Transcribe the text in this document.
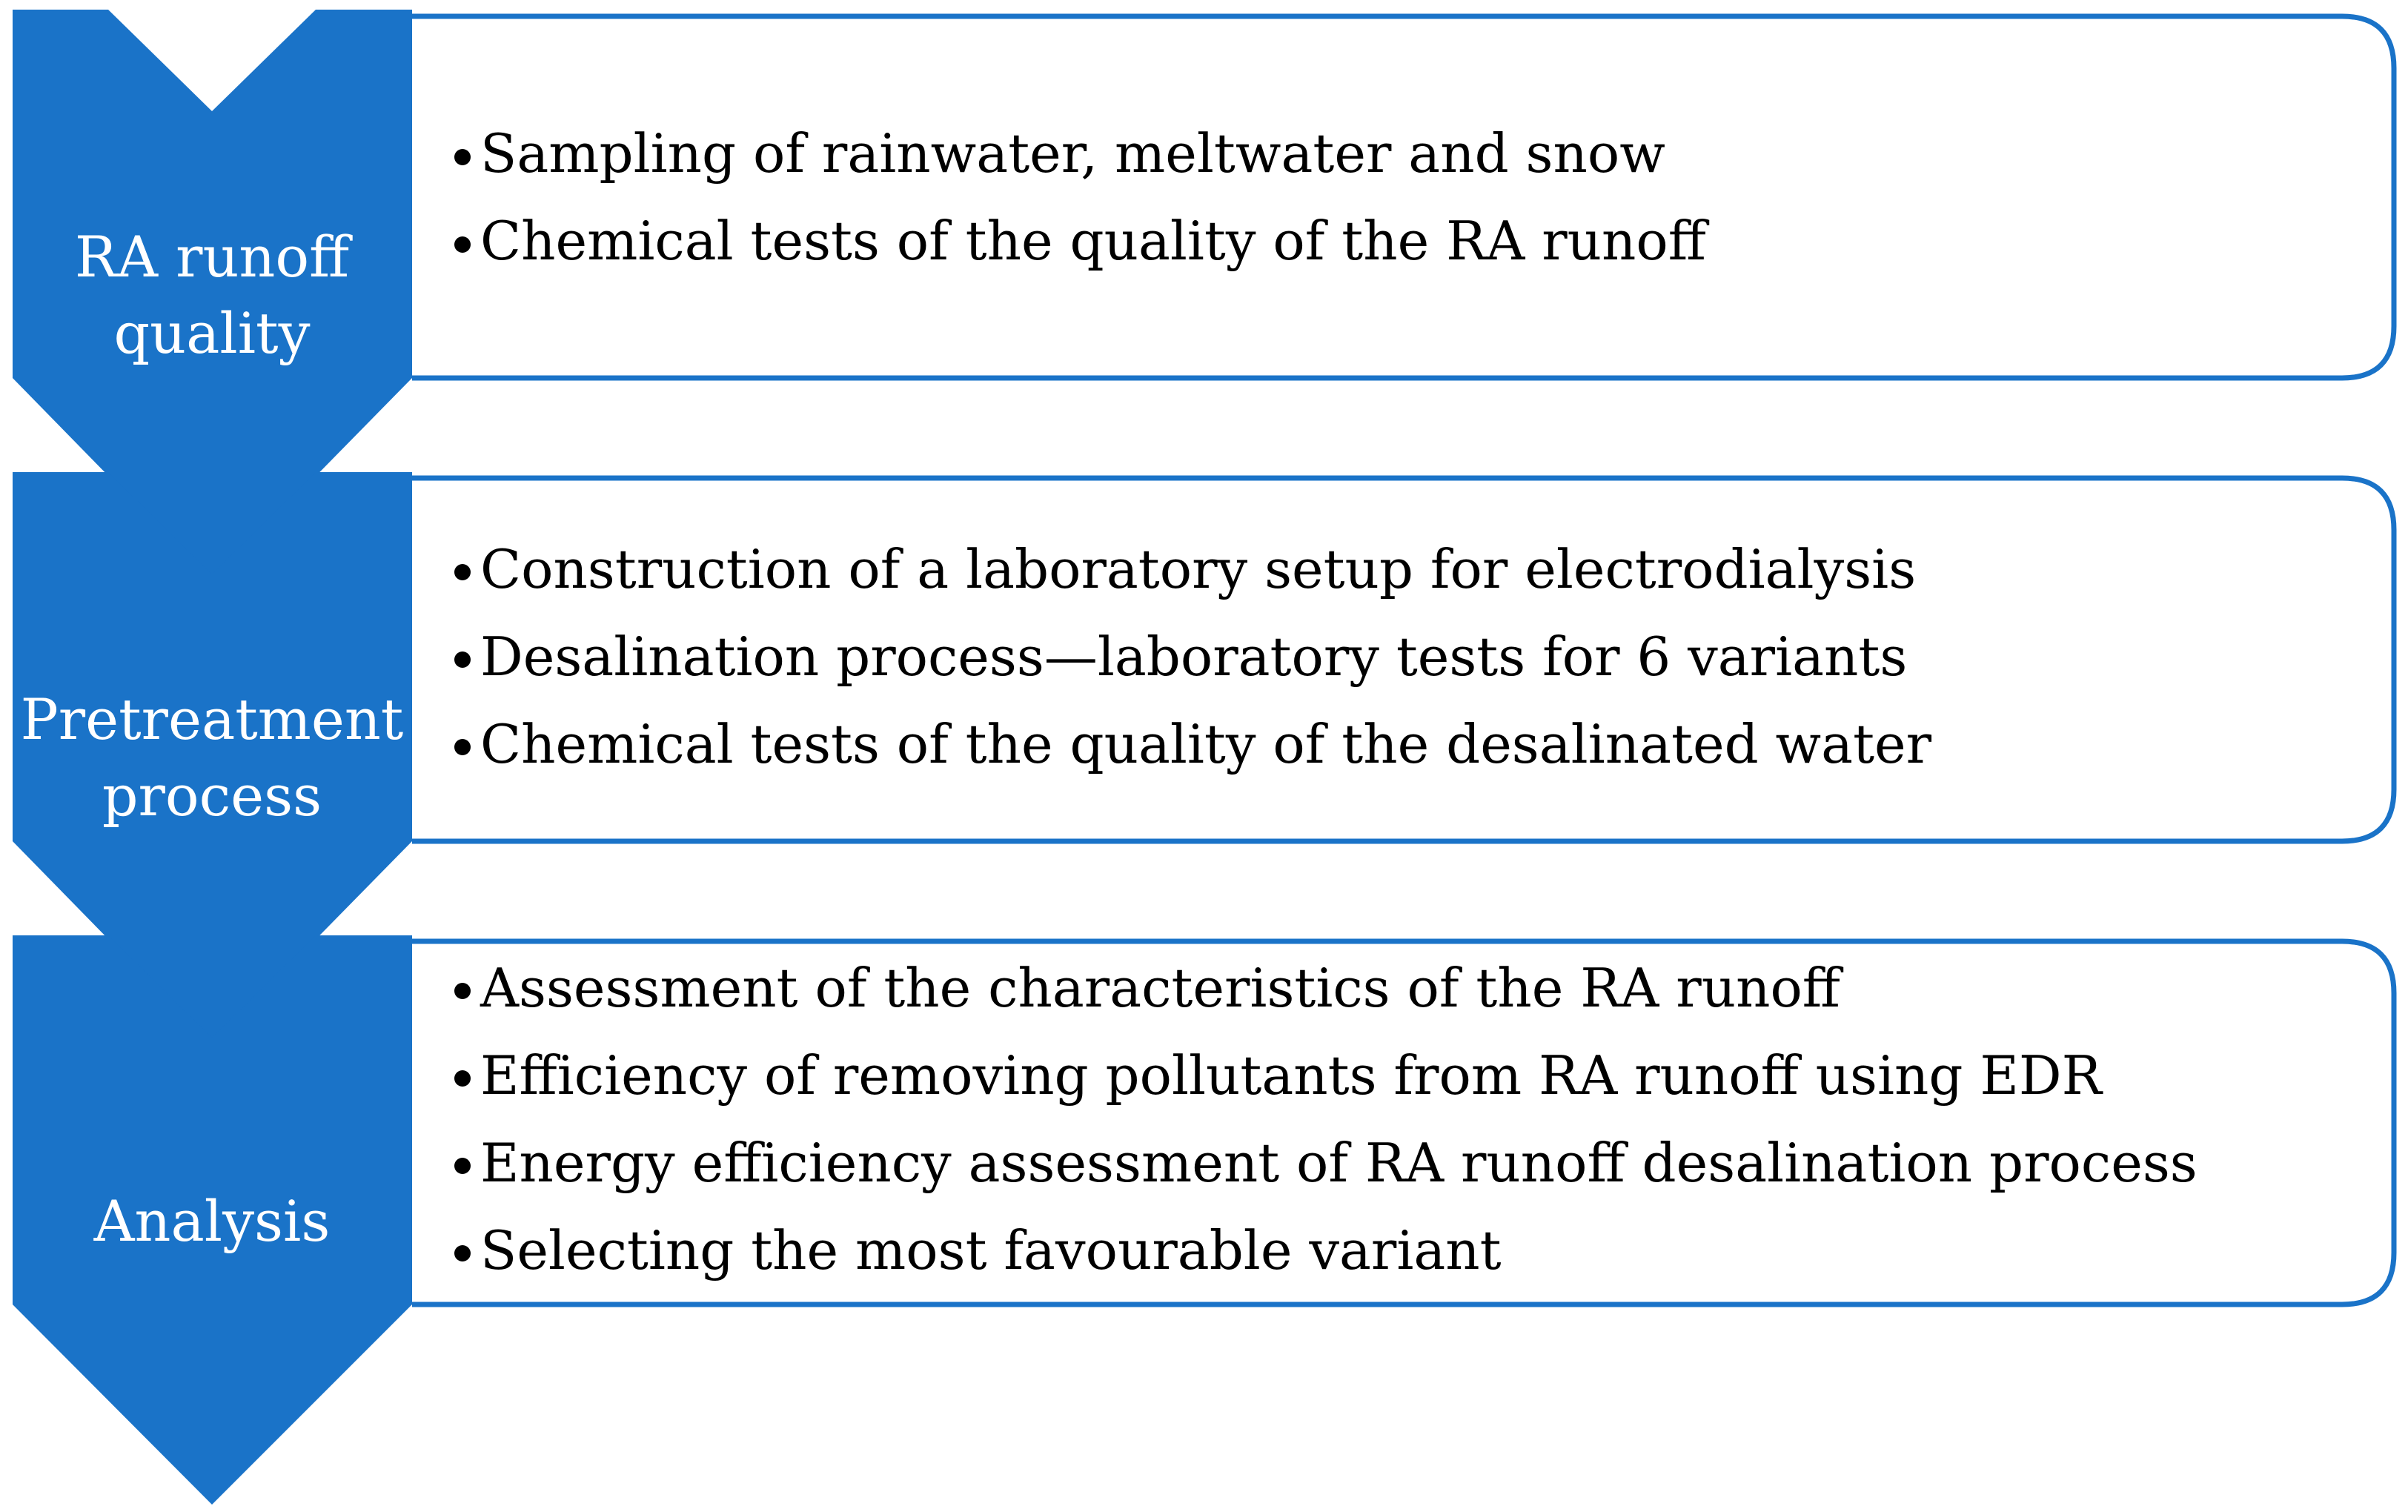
RA runoff
quality
Sampling of rainwater, meltwater and snow
Chemical tests of the quality of the RA runoff
Pretreatment
process
Construction of a laboratory setup for electrodialysis
Desalination process—laboratory tests for 6 variants
Chemical tests of the quality of the desalinated water
Analysis
Assessment of the characteristics of the RA runoff
Efficiency of removing pollutants from RA runoff using EDR
Energy efficiency assessment of RA runoff desalination process
Selecting the most favourable variant
